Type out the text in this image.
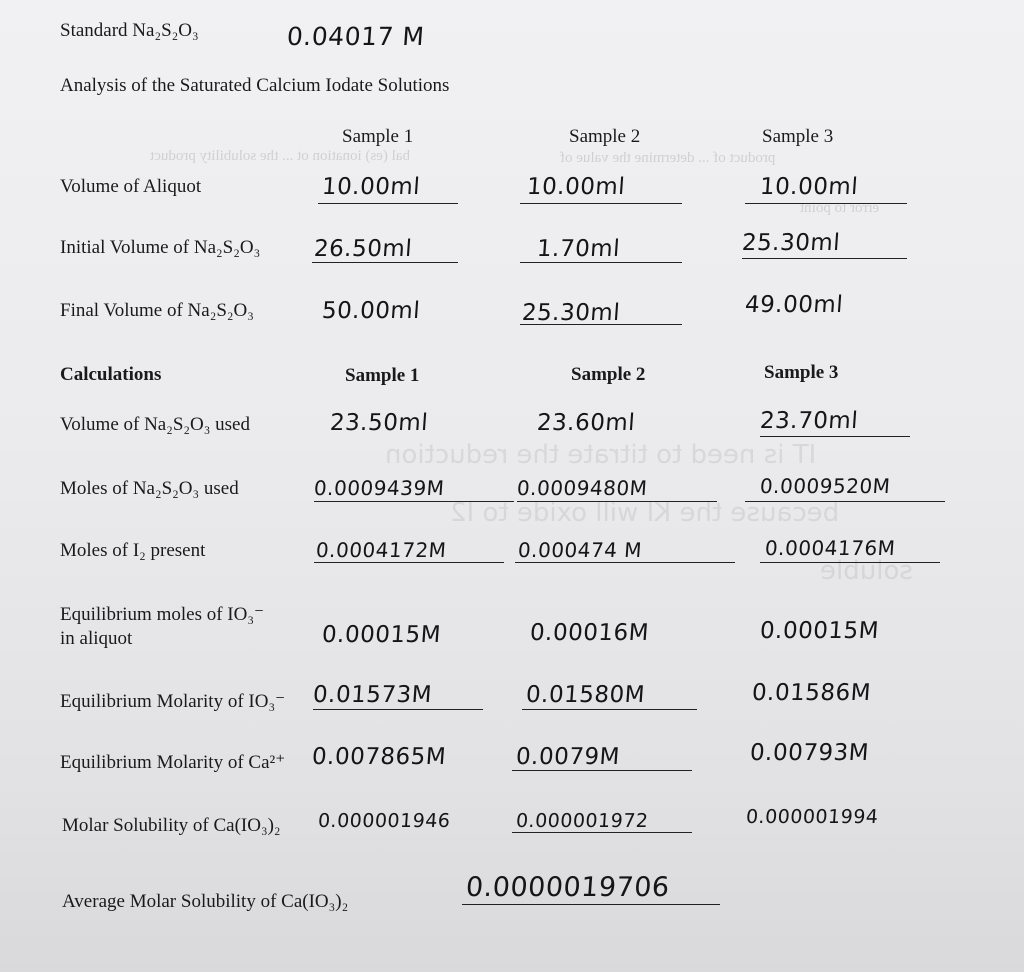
bal (es) ionation ot ... the solubility product	product of ... determine the value of
error to point
IT is need to titrate the reduction
because the KI will oxide to I2
soluble
Standard Na₂S₂O₃	0.04017 M
Analysis of the Saturated Calcium Iodate Solutions
Sample 1	Sample 2	Sample 3
Volume of Aliquot	10.00ml	10.00ml	10.00ml
Initial Volume of Na₂S₂O₃ 26.50ml	1.70ml	25.30ml
Final Volume of Na₂S₂O₃	50.00ml	25.30ml	49.00ml
Calculations	Sample 1	Sample 2	Sample 3
Volume of Na₂S₂O₃ used	23.50ml	23.60ml	23.70ml
Moles of Na₂S₂O₃ used	0.0009439M	0.0009480M	0.0009520M
Moles of I₂ present	0.0004172M	0.000474 M	0.0004176M
Equilibrium moles of IO₃⁻
in aliquot	0.00015M	0.00016M	0.00015M
Equilibrium Molarity of IO₃⁻ 0.01573M	0.01580M	0.01586M
Equilibrium Molarity of Ca²⁺ 0.007865M	0.0079M	0.00793M
Molar Solubility of Ca(IO₃)₂ 0.000001946	0.000001972	0.000001994
Average Molar Solubility of Ca(IO₃)₂	0.0000019706
